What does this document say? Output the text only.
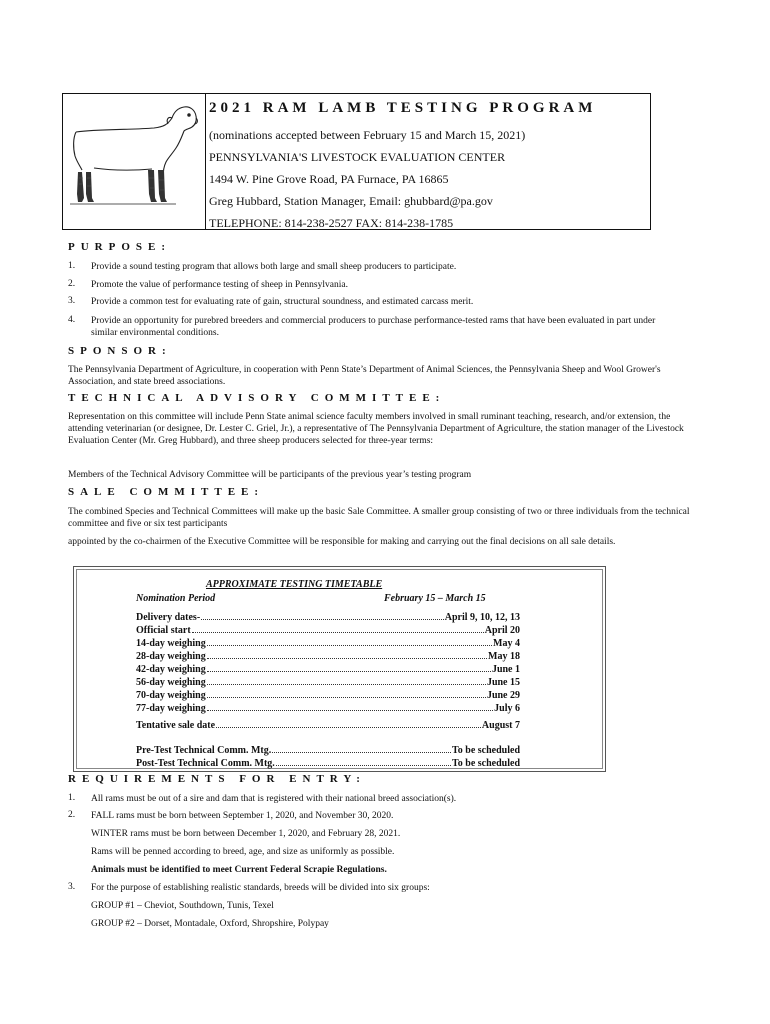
2021 RAM LAMB TESTING PROGRAM
(nominations accepted between February 15 and March 15, 2021)
PENNSYLVANIA'S LIVESTOCK EVALUATION CENTER
1494 W. Pine Grove Road, PA Furnace, PA 16865
Greg Hubbard, Station Manager, Email: ghubbard@pa.gov
TELEPHONE: 814-238-2527 FAX: 814-238-1785
PURPOSE:
1. Provide a sound testing program that allows both large and small sheep producers to participate.
2. Promote the value of performance testing of sheep in Pennsylvania.
3. Provide a common test for evaluating rate of gain, structural soundness, and estimated carcass merit.
4. Provide an opportunity for purebred breeders and commercial producers to purchase performance-tested rams that have been evaluated in part under similar environmental conditions.
SPONSOR:
The Pennsylvania Department of Agriculture, in cooperation with Penn State’s Department of Animal Sciences, the Pennsylvania Sheep and Wool Grower's Association, and state breed associations.
TECHNICAL ADVISORY COMMITTEE:
Representation on this committee will include Penn State animal science faculty members involved in small ruminant teaching, research, and/or extension, the attending veterinarian (or designee, Dr. Lester C. Griel, Jr.), a representative of The Pennsylvania Department of Agriculture, the station manager of the Livestock Evaluation Center (Mr. Greg Hubbard), and three sheep producers selected for three-year terms:
Members of the Technical Advisory Committee will be participants of the previous year’s testing program
SALE COMMITTEE:
The combined Species and Technical Committees will make up the basic Sale Committee. A smaller group consisting of two or three individuals from the technical committee and five or six test participants
appointed by the co-chairmen of the Executive Committee will be responsible for making and carrying out the final decisions on all sale details.
APPROXIMATE TESTING TIMETABLE
Nomination Period	February 15 – March 15
Delivery dates-	April 9, 10, 12, 13
Official start	April 20
14-day weighing	May 4
28-day weighing	May 18
42-day weighing	June 1
56-day weighing	June 15
70-day weighing	June 29
77-day weighing	July 6
Tentative sale date	August 7
Pre-Test Technical Comm. Mtg.	To be scheduled
Post-Test Technical Comm. Mtg.	To be scheduled
REQUIREMENTS FOR ENTRY:
1. All rams must be out of a sire and dam that is registered with their national breed association(s).
2. FALL rams must be born between September 1, 2020, and November 30, 2020.
WINTER rams must be born between December 1, 2020, and February 28, 2021.
Rams will be penned according to breed, age, and size as uniformly as possible.
Animals must be identified to meet Current Federal Scrapie Regulations.
3. For the purpose of establishing realistic standards, breeds will be divided into six groups:
GROUP #1 – Cheviot, Southdown, Tunis, Texel
GROUP #2 – Dorset, Montadale, Oxford, Shropshire, Polypay
